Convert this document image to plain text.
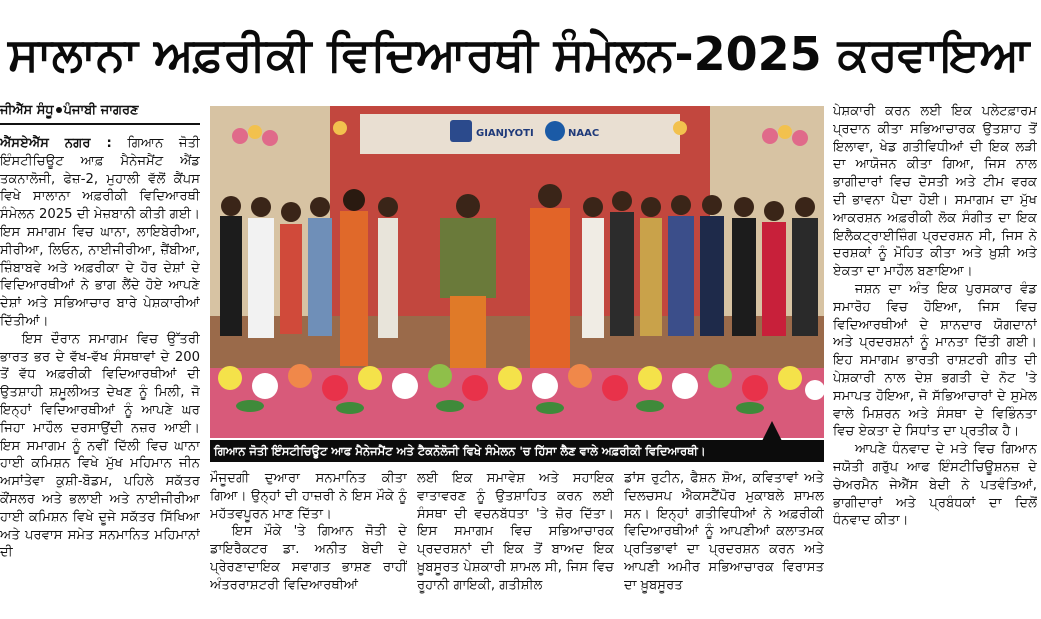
ਸਾਲਾਨਾ ਅਫ਼ਰੀਕੀ ਵਿਦਿਆਰਥੀ ਸੰਮੇਲਨ-2025 ਕਰਵਾਇਆ
ਜੀਐੱਸ ਸੰਧੂ ਪੰਜਾਬੀ ਜਾਗਰਣ

ਐੱਸਏਐੱਸ ਨਗਰ : ਗਿਆਨ ਜੋਤੀ ਇੰਸਟੀਚਿਊਟ ਆਫ਼ ਮੈਨੇਜਮੈਂਟ ਐਂਡ ਤਕਨਾਲੋਜੀ, ਫੇਜ਼-2, ਮੁਹਾਲੀ ਵੱਲੋਂ ਕੈਂਪਸ ਵਿਖੇ ਸਾਲਾਨਾ ਅਫ਼ਰੀਕੀ ਵਿਦਿਆਰਥੀ ਸੰਮੇਲਨ 2025 ਦੀ ਮੇਜ਼ਬਾਨੀ ਕੀਤੀ ਗਈ। ਇਸ ਸਮਾਗਮ ਵਿਚ ਘਾਨਾ, ਲਾਇਬੇਰੀਆ, ਸੀਰੀਆ, ਲਿਓਨ, ਨਾਈਜੀਰੀਆ, ਜ਼ੈਂਬੀਆ, ਜ਼ਿੰਬਾਬਵੇ ਅਤੇ ਅਫ਼ਰੀਕਾ ਦੇ ਹੋਰ ਦੇਸ਼ਾਂ ਦੇ ਵਿਦਿਆਰਥੀਆਂ ਨੇ ਭਾਗ ਲੈਂਦੇ ਹੋਏ ਆਪਣੇ ਦੇਸ਼ਾਂ ਅਤੇ ਸਭਿਆਚਾਰ ਬਾਰੇ ਪੇਸ਼ਕਾਰੀਆਂ ਦਿੱਤੀਆਂ।

ਇਸ ਦੌਰਾਨ ਸਮਾਗਮ ਵਿਚ ਉੱਤਰੀ ਭਾਰਤ ਭਰ ਦੇ ਵੱਖ-ਵੱਖ ਸੰਸਥਾਵਾਂ ਦੇ 200 ਤੋਂ ਵੱਧ ਅਫ਼ਰੀਕੀ ਵਿਦਿਆਰਥੀਆਂ ਦੀ ਉਤਸ਼ਾਹੀ ਸ਼ਮੂਲੀਅਤ ਦੇਖਣ ਨੂੰ ਮਿਲੀ, ਜੋ ਇਨ੍ਹਾਂ ਵਿਦਿਆਰਥੀਆਂ ਨੂੰ ਆਪਣੇ ਘਰ ਜਿਹਾ ਮਾਹੌਲ ਦਰਸਾਉਂਦੀ ਨਜ਼ਰ ਆਈ। ਇਸ ਸਮਾਗਮ ਨੂੰ ਨਵੀਂ ਦਿੱਲੀ ਵਿਚ ਘਾਨਾ ਹਾਈ ਕਮਿਸ਼ਨ ਵਿਖੇ ਮੁੱਖ ਮਹਿਮਾਨ ਜੀਨ ਅਸਾਂਤੇਵਾ ਕੁਸ਼ੀ-ਬੋਡਮ, ਪਹਿਲੇ ਸਕੱਤਰ ਕੌਂਸਲਰ ਅਤੇ ਭਲਾਈ ਅਤੇ ਨਾਈਜੀਰੀਆ ਹਾਈ ਕਮਿਸ਼ਨ ਵਿਖੇ ਦੂਜੇ ਸਕੱਤਰ ਸਿੱਖਿਆ ਅਤੇ ਪਰਵਾਸ ਸਮੇਤ ਸਨਮਾਨਿਤ ਮਹਿਮਾਨਾਂ ਦੀ

GIANJYOTI	NAAC
ਗਿਆਨ ਜੋਤੀ ਇੰਸਟੀਚਿਊਟ ਆਫ ਮੈਨੇਜਮੈਂਟ ਅਤੇ ਟੈਕਨੋਲੋਜੀ ਵਿਖੇ ਸੰਮੇਲਨ 'ਚ ਹਿੱਸਾ ਲੈਣ ਵਾਲੇ ਅਫ਼ਰੀਕੀ ਵਿਦਿਆਰਥੀ।

ਮੌਜੂਦਗੀ ਦੁਆਰਾ ਸਨਮਾਨਿਤ ਕੀਤਾ ਗਿਆ। ਉਨ੍ਹਾਂ ਦੀ ਹਾਜ਼ਰੀ ਨੇ ਇਸ ਮੌਕੇ ਨੂੰ ਮਹੱਤਵਪੂਰਨ ਮਾਣ ਦਿੱਤਾ।

ਇਸ ਮੌਕੇ 'ਤੇ ਗਿਆਨ ਜੋਤੀ ਦੇ ਡਾਇਰੈਕਟਰ ਡਾ. ਅਨੀਤ ਬੇਦੀ ਦੇ ਪ੍ਰੇਰਣਾਦਾਇਕ ਸਵਾਗਤ ਭਾਸ਼ਣ ਰਾਹੀਂ ਅੰਤਰਰਾਸ਼ਟਰੀ ਵਿਦਿਆਰਥੀਆਂ

ਲਈ ਇਕ ਸਮਾਵੇਸ਼ ਅਤੇ ਸਹਾਇਕ ਵਾਤਾਵਰਣ ਨੂੰ ਉਤਸ਼ਾਹਿਤ ਕਰਨ ਲਈ ਸੰਸਥਾ ਦੀ ਵਚਨਬੱਧਤਾ 'ਤੇ ਜ਼ੋਰ ਦਿੱਤਾ। ਇਸ ਸਮਾਗਮ ਵਿਚ ਸਭਿਆਚਾਰਕ ਪ੍ਰਦਰਸ਼ਨਾਂ ਦੀ ਇਕ ਤੋਂ ਬਾਅਦ ਇਕ ਖ਼ੂਬਸੂਰਤ ਪੇਸ਼ਕਾਰੀ ਸ਼ਾਮਲ ਸੀ, ਜਿਸ ਵਿਚ ਰੂਹਾਨੀ ਗਾਇਕੀ, ਗਤੀਸ਼ੀਲ

ਡਾਂਸ ਰੁਟੀਨ, ਫੈਸ਼ਨ ਸ਼ੋਅ, ਕਵਿਤਾਵਾਂ ਅਤੇ ਦਿਲਚਸਪ ਐਕਸਟੈਂਪੋਰ ਮੁਕਾਬਲੇ ਸ਼ਾਮਲ ਸਨ। ਇਨ੍ਹਾਂ ਗਤੀਵਿਧੀਆਂ ਨੇ ਅਫ਼ਰੀਕੀ ਵਿਦਿਆਰਥੀਆਂ ਨੂੰ ਆਪਣੀਆਂ ਕਲਾਤਮਕ ਪ੍ਰਤਿਭਾਵਾਂ ਦਾ ਪ੍ਰਦਰਸ਼ਨ ਕਰਨ ਅਤੇ ਆਪਣੀ ਅਮੀਰ ਸਭਿਆਚਾਰਕ ਵਿਰਾਸਤ ਦਾ ਖ਼ੂਬਸੂਰਤ

ਪੇਸ਼ਕਾਰੀ ਕਰਨ ਲਈ ਇਕ ਪਲੇਟਫ਼ਾਰਮ ਪ੍ਰਦਾਨ ਕੀਤਾ ਸਭਿਆਚਾਰਕ ਉਤਸ਼ਾਹ ਤੋਂ ਇਲਾਵਾ, ਖੇਡ ਗਤੀਵਿਧੀਆਂ ਦੀ ਇਕ ਲੜੀ ਦਾ ਆਯੋਜਨ ਕੀਤਾ ਗਿਆ, ਜਿਸ ਨਾਲ ਭਾਗੀਦਾਰਾਂ ਵਿਚ ਦੋਸਤੀ ਅਤੇ ਟੀਮ ਵਰਕ ਦੀ ਭਾਵਨਾ ਪੈਦਾ ਹੋਈ। ਸਮਾਗਮ ਦਾ ਮੁੱਖ ਆਕਰਸ਼ਨ ਅਫ਼ਰੀਕੀ ਲੋਕ ਸੰਗੀਤ ਦਾ ਇਕ ਇਲੈਕਟ੍ਰਾਈਜ਼ਿੰਗ ਪ੍ਰਦਰਸ਼ਨ ਸੀ, ਜਿਸ ਨੇ ਦਰਸ਼ਕਾਂ ਨੂੰ ਮੋਹਿਤ ਕੀਤਾ ਅਤੇ ਖ਼ੁਸ਼ੀ ਅਤੇ ਏਕਤਾ ਦਾ ਮਾਹੌਲ ਬਣਾਇਆ।

ਜਸ਼ਨ ਦਾ ਅੰਤ ਇਕ ਪੁਰਸਕਾਰ ਵੰਡ ਸਮਾਰੋਹ ਵਿਚ ਹੋਇਆ, ਜਿਸ ਵਿਚ ਵਿਦਿਆਰਥੀਆਂ ਦੇ ਸ਼ਾਨਦਾਰ ਯੋਗਦਾਨਾਂ ਅਤੇ ਪ੍ਰਦਰਸ਼ਨਾਂ ਨੂੰ ਮਾਨਤਾ ਦਿੱਤੀ ਗਈ। ਇਹ ਸਮਾਗਮ ਭਾਰਤੀ ਰਾਸ਼ਟਰੀ ਗੀਤ ਦੀ ਪੇਸ਼ਕਾਰੀ ਨਾਲ ਦੇਸ਼ ਭਗਤੀ ਦੇ ਨੋਟ 'ਤੇ ਸਮਾਪਤ ਹੋਇਆ, ਜੋ ਸੱਭਿਆਚਾਰਾਂ ਦੇ ਸੁਮੇਲ ਵਾਲੇ ਮਿਸ਼ਰਨ ਅਤੇ ਸੰਸਥਾ ਦੇ ਵਿਭਿੰਨਤਾ ਵਿਚ ਏਕਤਾ ਦੇ ਸਿਧਾਂਤ ਦਾ ਪ੍ਰਤੀਕ ਹੈ।

ਆਪਣੇ ਧੰਨਵਾਦ ਦੇ ਮਤੇ ਵਿਚ ਗਿਆਨ ਜਯੋਤੀ ਗਰੁੱਪ ਆਫ ਇੰਸਟੀਚਿਊਸ਼ਨਜ਼ ਦੇ ਚੇਅਰਮੈਨ ਜੇਐੱਸ ਬੇਦੀ ਨੇ ਪਤਵੰਤਿਆਂ, ਭਾਗੀਦਾਰਾਂ ਅਤੇ ਪ੍ਰਬੰਧਕਾਂ ਦਾ ਦਿਲੋਂ ਧੰਨਵਾਦ ਕੀਤਾ।
